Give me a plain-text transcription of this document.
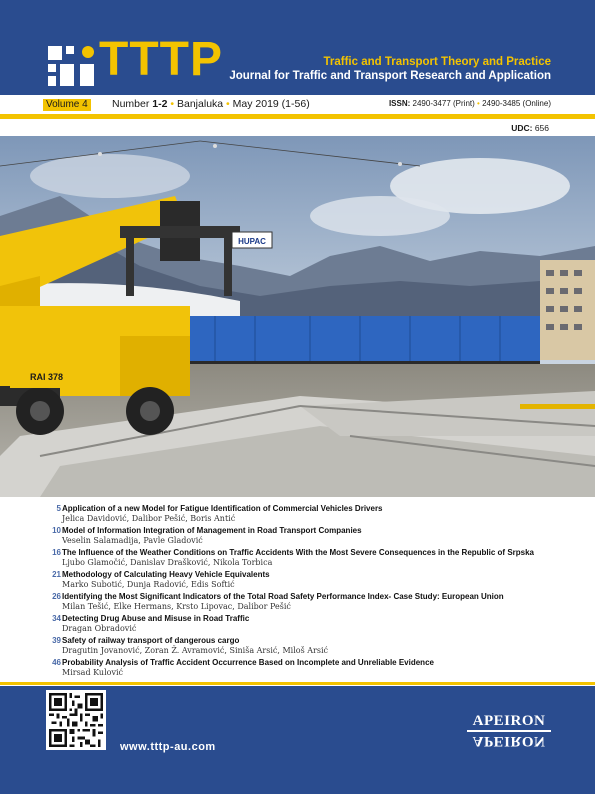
TTTP	Traffic and Transport Theory and Practice
Journal for Traffic and Transport Research and Application
Volume 4 Number 1-2 • Banjaluka • May 2019 (1-56)	ISSN: 2490-3477 (Print) • 2490-3485 (Online)
UDC: 656
HUPAC
RAI 378
5 Application of a new Model for Fatigue Identification of Commercial Vehicles Drivers
Jelica Davidović, Dalibor Pešić, Boris Antić
10 Model of Information Integration of Management in Road Transport Companies
Veselin Salamadija, Pavle Gladović
16 The Influence of the Weather Conditions on Traffic Accidents With the Most Severe Consequences in the Republic of Srpska
Ljubo Glamočić, Danislav Drašković, Nikola Torbica
21 Methodology of Calculating Heavy Vehicle Equivalents
Marko Subotić, Dunja Radović, Edis Softić
26 Identifying the Most Significant Indicators of the Total Road Safety Performance Index- Case Study: European Union
Milan Tešić, Elke Hermans, Krsto Lipovac, Dalibor Pešić
34 Detecting Drug Abuse and Misuse in Road Traffic
Dragan Obradović
39 Safety of railway transport of dangerous cargo
Dragutin Jovanović, Zoran Ž. Avramović, Siniša Arsić, Miloš Arsić
46 Probability Analysis of Traffic Accident Occurrence Based on Incomplete and Unreliable Evidence
Mirsad Kulović
www.tttp-au.com
APEIRON
APEIRON
